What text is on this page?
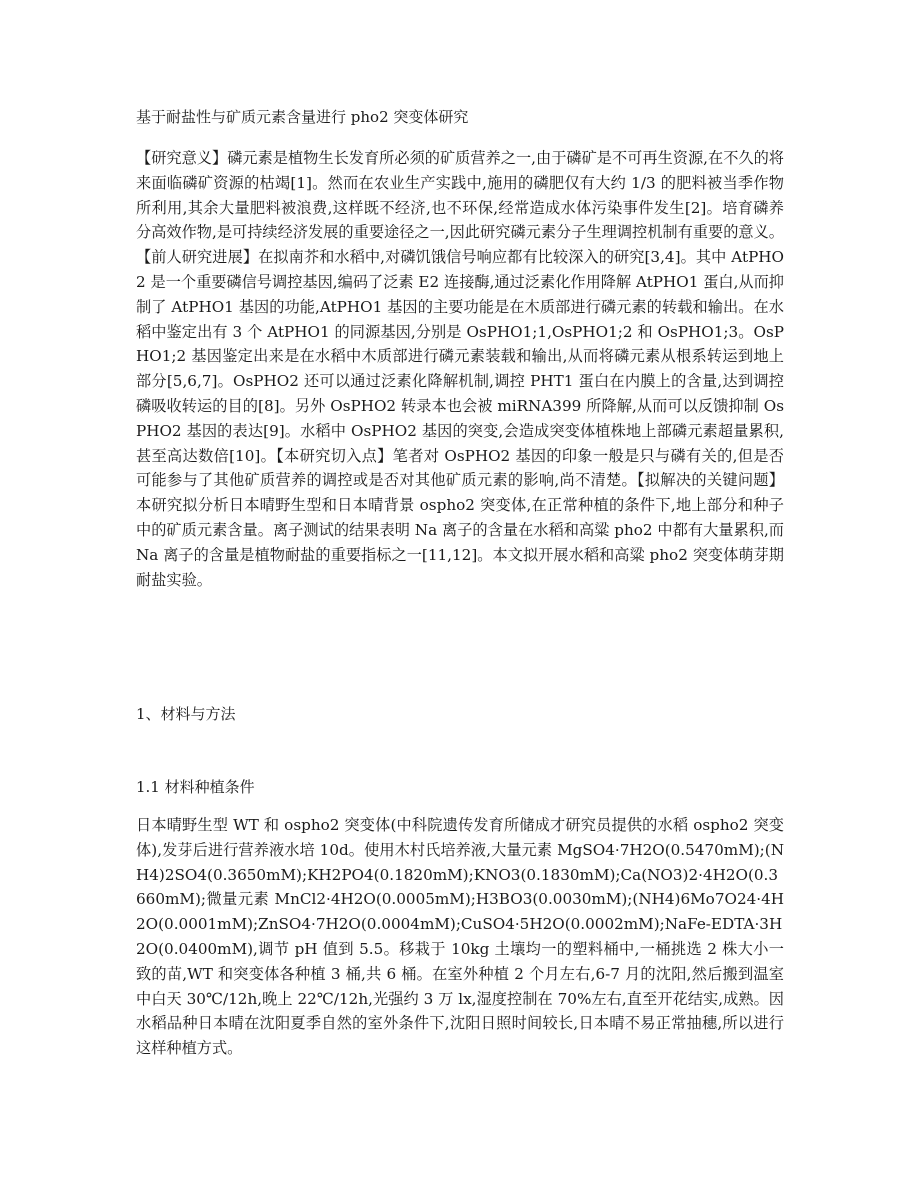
基于耐盐性与矿质元素含量进行 pho2 突变体研究
【研究意义】磷元素是植物生长发育所必须的矿质营养之一,由于磷矿是不可再生资源,在不久的将来面临磷矿资源的枯竭[1]。然而在农业生产实践中,施用的磷肥仅有大约 1/3 的肥料被当季作物所利用,其余大量肥料被浪费,这样既不经济,也不环保,经常造成水体污染事件发生[2]。培育磷养分高效作物,是可持续经济发展的重要途径之一,因此研究磷元素分子生理调控机制有重要的意义。【前人研究进展】在拟南芥和水稻中,对磷饥饿信号响应都有比较深入的研究[3,4]。其中 AtPHO2 是一个重要磷信号调控基因,编码了泛素 E2 连接酶,通过泛素化作用降解 AtPHO1 蛋白,从而抑制了 AtPHO1 基因的功能,AtPHO1 基因的主要功能是在木质部进行磷元素的转载和输出。在水稻中鉴定出有 3 个 AtPHO1 的同源基因,分别是 OsPHO1;1,OsPHO1;2 和 OsPHO1;3。OsPHO1;2 基因鉴定出来是在水稻中木质部进行磷元素装载和输出,从而将磷元素从根系转运到地上部分[5,6,7]。OsPHO2 还可以通过泛素化降解机制,调控 PHT1 蛋白在内膜上的含量,达到调控磷吸收转运的目的[8]。另外 OsPHO2 转录本也会被 miRNA399 所降解,从而可以反馈抑制 OsPHO2 基因的表达[9]。水稻中 OsPHO2 基因的突变,会造成突变体植株地上部磷元素超量累积,甚至高达数倍[10]。【本研究切入点】笔者对 OsPHO2 基因的印象一般是只与磷有关的,但是否可能参与了其他矿质营养的调控或是否对其他矿质元素的影响,尚不清楚。【拟解决的关键问题】本研究拟分析日本晴野生型和日本晴背景 ospho2 突变体,在正常种植的条件下,地上部分和种子中的矿质元素含量。离子测试的结果表明 Na 离子的含量在水稻和高粱 pho2 中都有大量累积,而 Na 离子的含量是植物耐盐的重要指标之一[11,12]。本文拟开展水稻和高粱 pho2 突变体萌芽期耐盐实验。
1、材料与方法
1.1 材料种植条件
日本晴野生型 WT 和 ospho2 突变体(中科院遗传发育所储成才研究员提供的水稻 ospho2 突变体),发芽后进行营养液水培 10d。使用木村氏培养液,大量元素 MgSO4·7H2O(0.5470mM);(NH4)2SO4(0.3650mM);KH2PO4(0.1820mM);KNO3(0.1830mM);Ca(NO3)2·4H2O(0.3660mM);微量元素 MnCl2·4H2O(0.0005mM);H3BO3(0.0030mM);(NH4)6Mo7O24·4H2O(0.0001mM);ZnSO4·7H2O(0.0004mM);CuSO4·5H2O(0.0002mM);NaFe-EDTA·3H2O(0.0400mM),调节 pH 值到 5.5。移栽于 10kg 土壤均一的塑料桶中,一桶挑选 2 株大小一致的苗,WT 和突变体各种植 3 桶,共 6 桶。在室外种植 2 个月左右,6-7 月的沈阳,然后搬到温室中白天 30℃/12h,晚上 22℃/12h,光强约 3 万 lx,湿度控制在 70%左右,直至开花结实,成熟。因水稻品种日本晴在沈阳夏季自然的室外条件下,沈阳日照时间较长,日本晴不易正常抽穗,所以进行这样种植方式。
